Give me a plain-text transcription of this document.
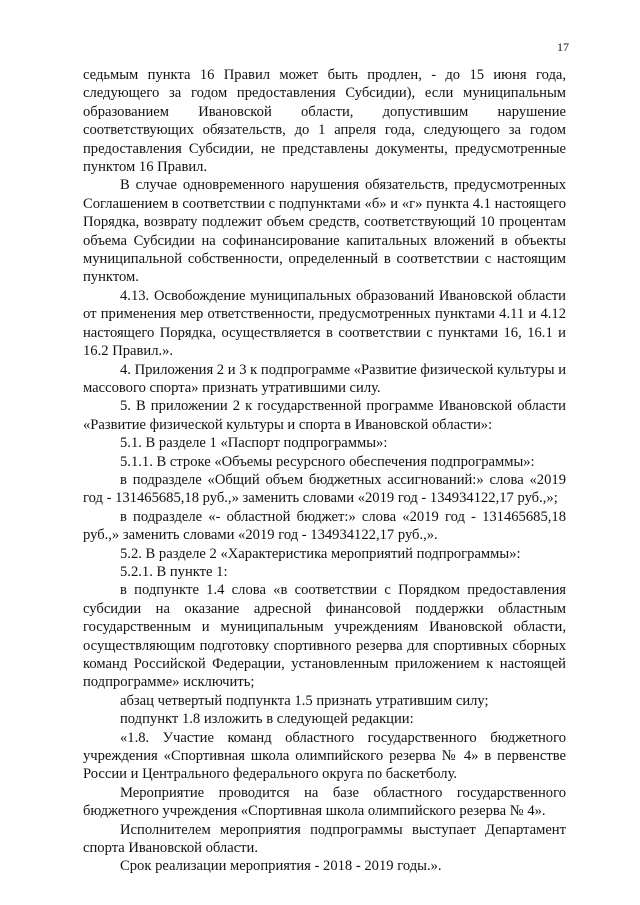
17

седьмым пункта 16 Правил может быть продлен, - до 15 июня года, следующего за годом предоставления Субсидии), если муниципальным образованием Ивановской области, допустившим нарушение соответствующих обязательств, до 1 апреля года, следующего за годом предоставления Субсидии, не представлены документы, предусмотренные пунктом 16 Правил.

В случае одновременного нарушения обязательств, предусмотренных Соглашением в соответствии с подпунктами «б» и «г» пункта 4.1 настоящего Порядка, возврату подлежит объем средств, соответствующий 10 процентам объема Субсидии на софинансирование капитальных вложений в объекты муниципальной собственности, определенный в соответствии с настоящим пунктом.

4.13. Освобождение муниципальных образований Ивановской области от применения мер ответственности, предусмотренных пунктами 4.11 и 4.12 настоящего Порядка, осуществляется в соответствии с пунктами 16, 16.1 и 16.2 Правил.».

4. Приложения 2 и 3 к подпрограмме «Развитие физической культуры и массового спорта» признать утратившими силу.

5. В приложении 2 к государственной программе Ивановской области «Развитие физической культуры и спорта в Ивановской области»:

5.1. В разделе 1 «Паспорт подпрограммы»:

5.1.1. В строке «Объемы ресурсного обеспечения подпрограммы»:

в подразделе «Общий объем бюджетных ассигнований:» слова «2019 год - 131465685,18 руб.,» заменить словами «2019 год - 134934122,17 руб.,»;

в подразделе «- областной бюджет:» слова «2019 год - 131465685,18 руб.,» заменить словами «2019 год - 134934122,17 руб.,».

5.2. В разделе 2 «Характеристика мероприятий подпрограммы»:

5.2.1. В пункте 1:

в подпункте 1.4 слова «в соответствии с Порядком предоставления субсидии на оказание адресной финансовой поддержки областным государственным и муниципальным учреждениям Ивановской области, осуществляющим подготовку спортивного резерва для спортивных сборных команд Российской Федерации, установленным приложением к настоящей подпрограмме» исключить;

абзац четвертый подпункта 1.5 признать утратившим силу;

подпункт 1.8 изложить в следующей редакции:

«1.8. Участие команд областного государственного бюджетного учреждения «Спортивная школа олимпийского резерва № 4» в первенстве России и Центрального федерального округа по баскетболу.

Мероприятие проводится на базе областного государственного бюджетного учреждения «Спортивная школа олимпийского резерва № 4».

Исполнителем мероприятия подпрограммы выступает Департамент спорта Ивановской области.

Срок реализации мероприятия - 2018 - 2019 годы.».
